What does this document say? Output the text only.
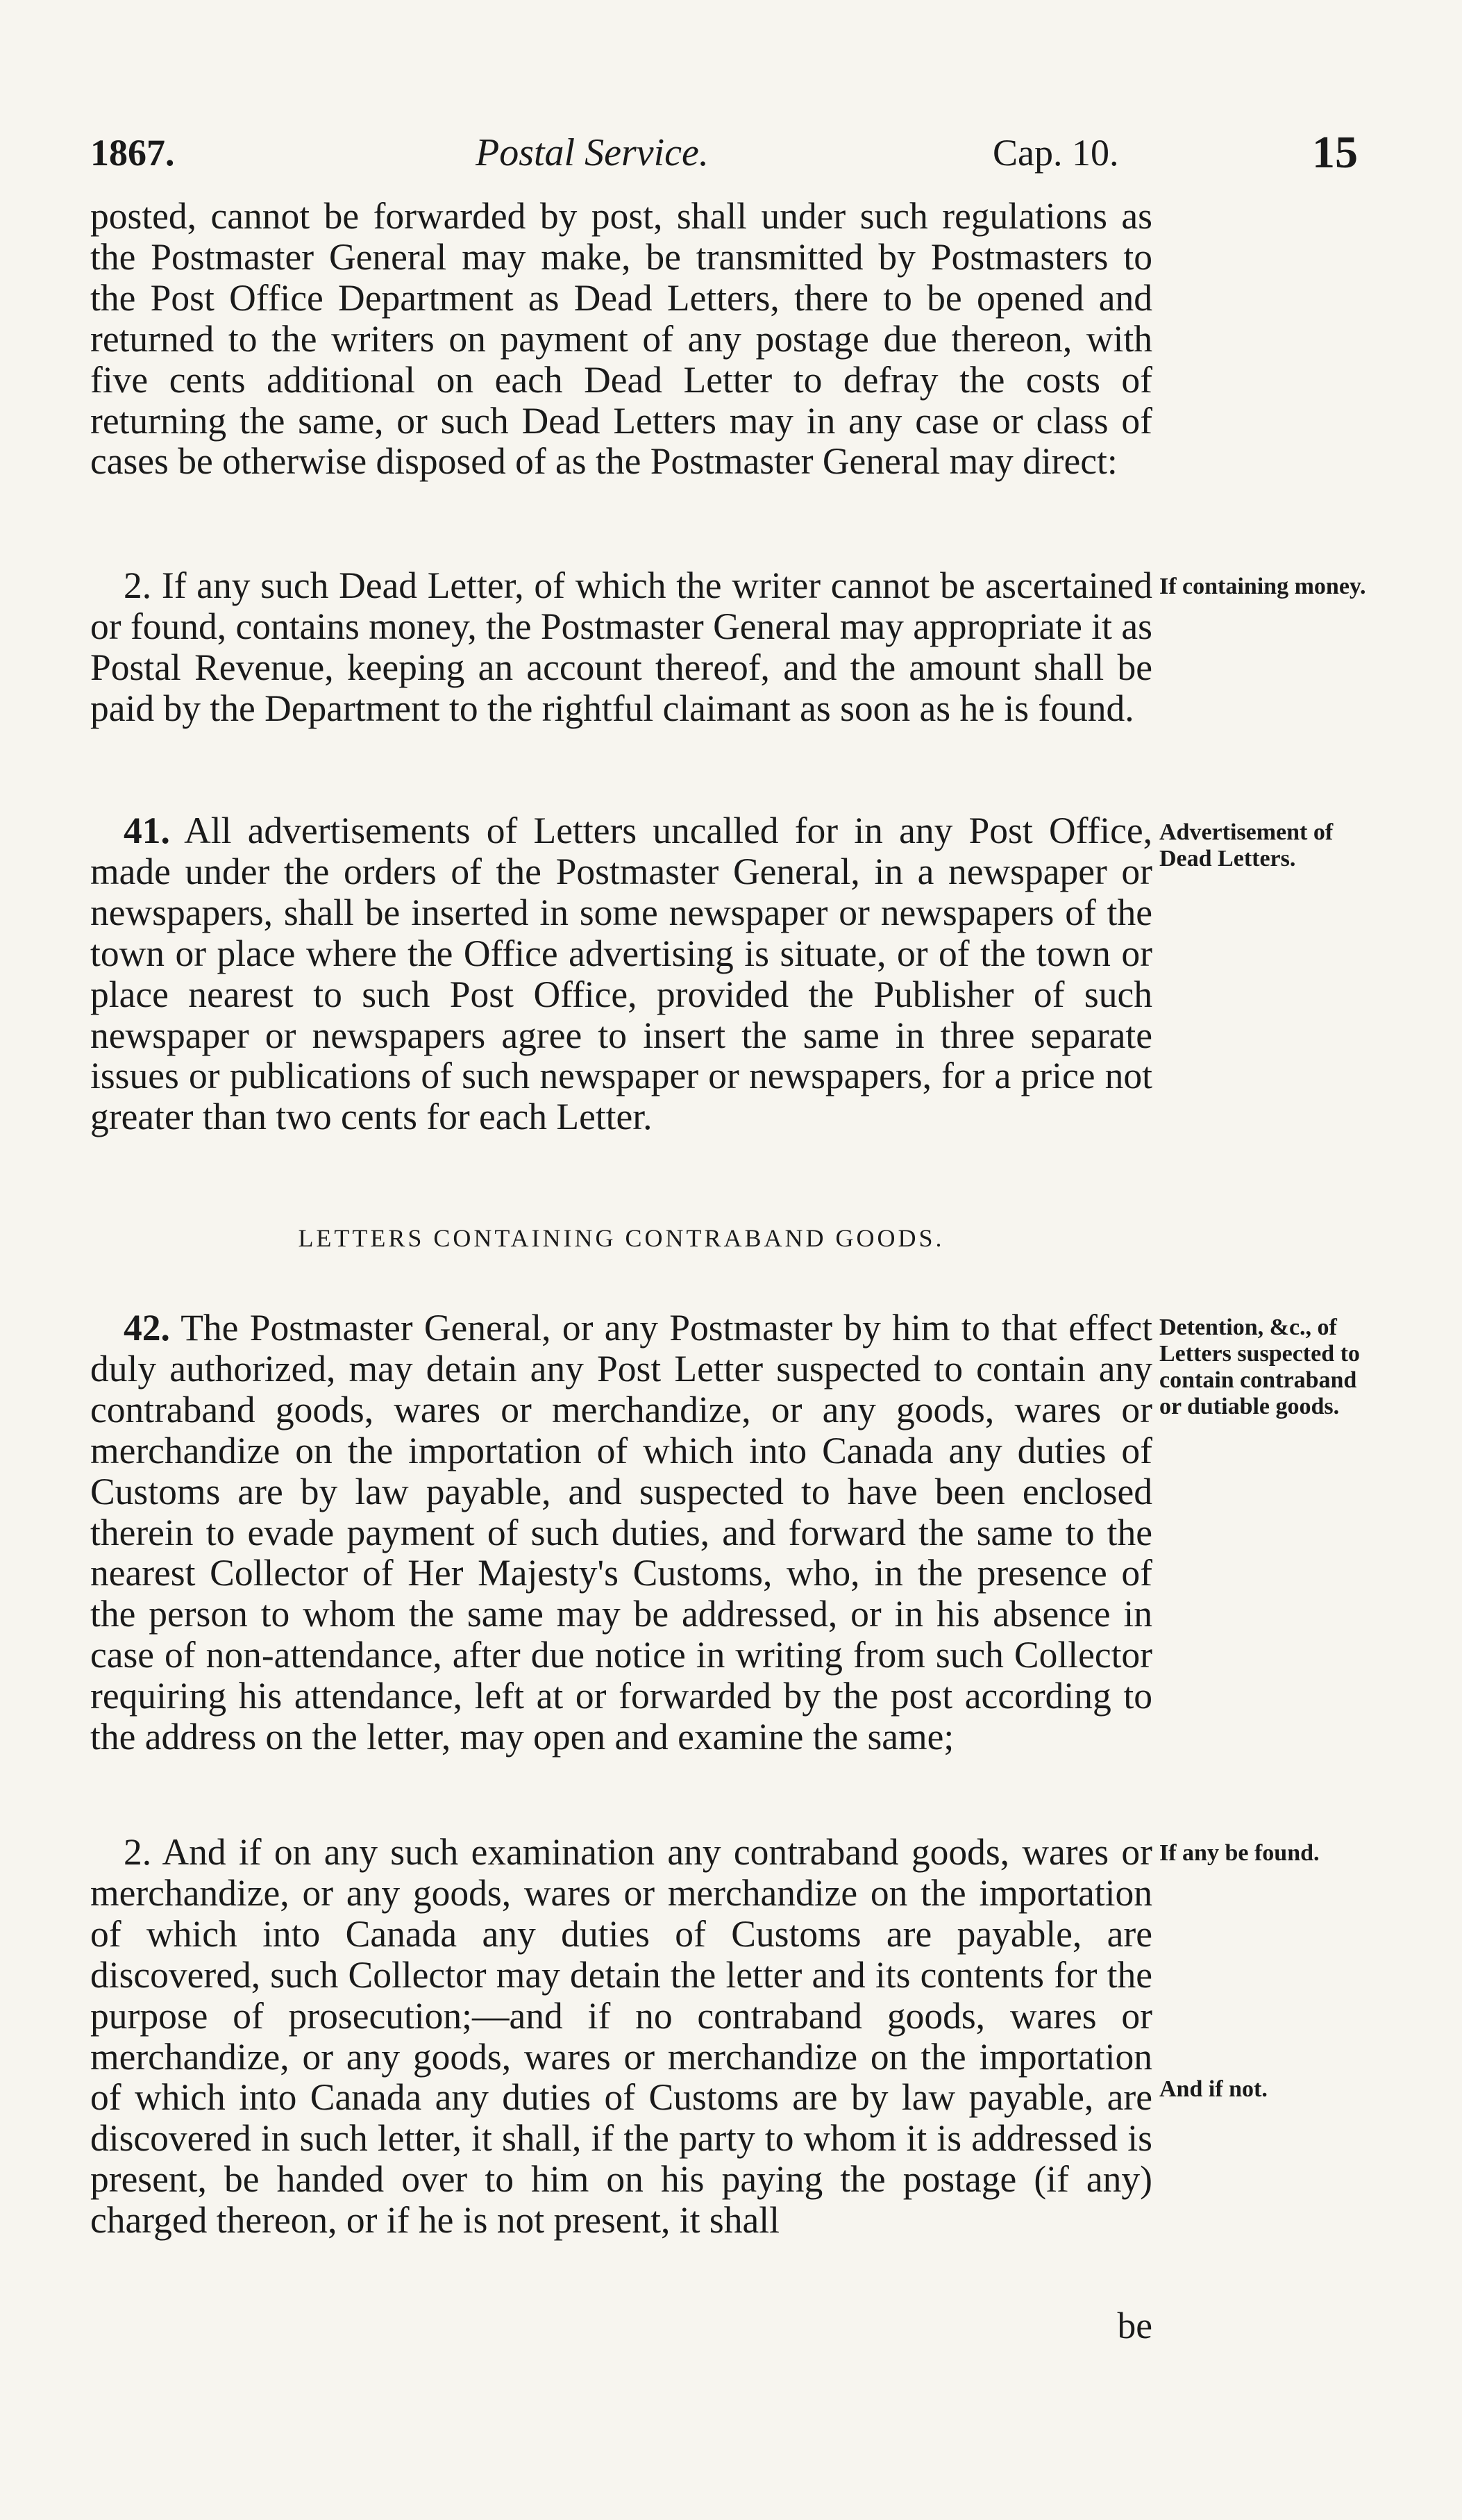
1867.	Postal Service.	Cap. 10.	15

posted, cannot be forwarded by post, shall under such regulations as the Postmaster General may make, be transmitted by Postmasters to the Post Office Department as Dead Letters, there to be opened and returned to the writers on payment of any postage due thereon, with five cents additional on each Dead Letter to defray the costs of returning the same, or such Dead Letters may in any case or class of cases be otherwise disposed of as the Postmaster General may direct:

2. If any such Dead Letter, of which the writer cannot be ascertained or found, contains money, the Postmaster General may appropriate it as Postal Revenue, keeping an account thereof, and the amount shall be paid by the Department to the rightful claimant as soon as he is found.

41. All advertisements of Letters uncalled for in any Post Office, made under the orders of the Postmaster General, in a newspaper or newspapers, shall be inserted in some newspaper or newspapers of the town or place where the Office advertising is situate, or of the town or place nearest to such Post Office, provided the Publisher of such newspaper or newspapers agree to insert the same in three separate issues or publications of such newspaper or newspapers, for a price not greater than two cents for each Letter.

LETTERS CONTAINING CONTRABAND GOODS.

42. The Postmaster General, or any Postmaster by him to that effect duly authorized, may detain any Post Letter suspected to contain any contraband goods, wares or merchandize, or any goods, wares or merchandize on the importation of which into Canada any duties of Customs are by law payable, and suspected to have been enclosed therein to evade payment of such duties, and forward the same to the nearest Collector of Her Majesty's Customs, who, in the presence of the person to whom the same may be addressed, or in his absence in case of non-attendance, after due notice in writing from such Collector requiring his attendance, left at or forwarded by the post according to the address on the letter, may open and examine the same;

2. And if on any such examination any contraband goods, wares or merchandize, or any goods, wares or merchandize on the importation of which into Canada any duties of Customs are payable, are discovered, such Collector may detain the letter and its contents for the purpose of prosecution;—and if no contraband goods, wares or merchandize, or any goods, wares or merchandize on the importation of which into Canada any duties of Customs are by law payable, are discovered in such letter, it shall, if the party to whom it is addressed is present, be handed over to him on his paying the postage (if any) charged thereon, or if he is not present, it shall

be
If containing money.
Advertisement of Dead Letters.
Detention, &c., of Letters suspected to contain contraband or dutiable goods.
If any be found.
And if not.
